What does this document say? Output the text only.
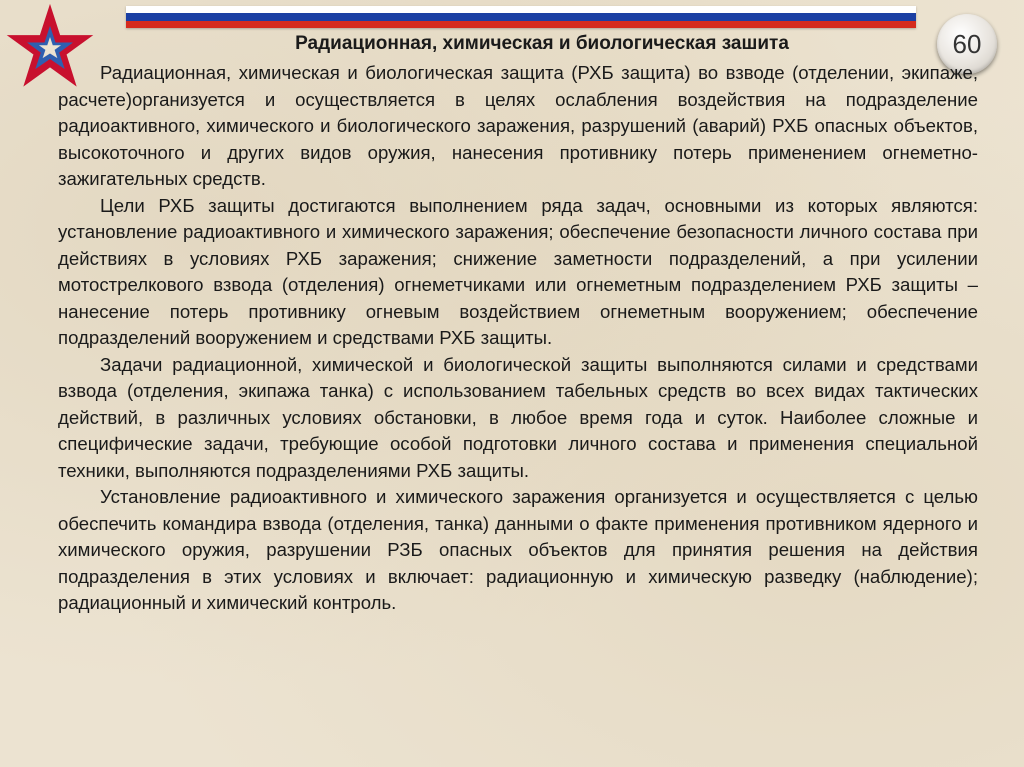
60
Радиационная, химическая и биологическая зашита

Радиационная, химическая и биологическая защита (РХБ защита) во взводе (отделении, экипаже, расчете)организуется и осуществляется в целях ослабления воздействия на подразделение радиоактивного, химического и биологического заражения, разрушений (аварий) РХБ опасных объектов, высокоточного и других видов оружия, нанесения противнику потерь применением огнеметно-зажигательных средств.

Цели РХБ защиты достигаются выполнением ряда задач, основными из которых являются: установление радиоактивного и химического заражения; обеспечение безопасности личного состава при действиях в условиях РХБ заражения; снижение заметности подразделений, а при усилении мотострелкового взвода (отделения) огнеметчиками или огнеметным подразделением РХБ защиты – нанесение потерь противнику огневым воздействием огнеметным вооружением; обеспечение подразделений вооружением и средствами РХБ защиты.

Задачи радиационной, химической и биологической защиты выполняются силами и средствами взвода (отделения, экипажа танка) с использованием табельных средств во всех видах тактических действий, в различных условиях обстановки, в любое время года и суток. Наиболее сложные и специфические задачи, требующие особой подготовки личного состава и применения специальной техники, выполняются подразделениями РХБ защиты.

Установление радиоактивного и химического заражения организуется и осуществляется с целью обеспечить командира взвода (отделения, танка) данными о факте применения противником ядерного и химического оружия, разрушении РЗБ опасных объектов для принятия решения на действия подразделения в этих условиях и включает: радиационную и химическую разведку (наблюдение); радиационный и химический контроль.
